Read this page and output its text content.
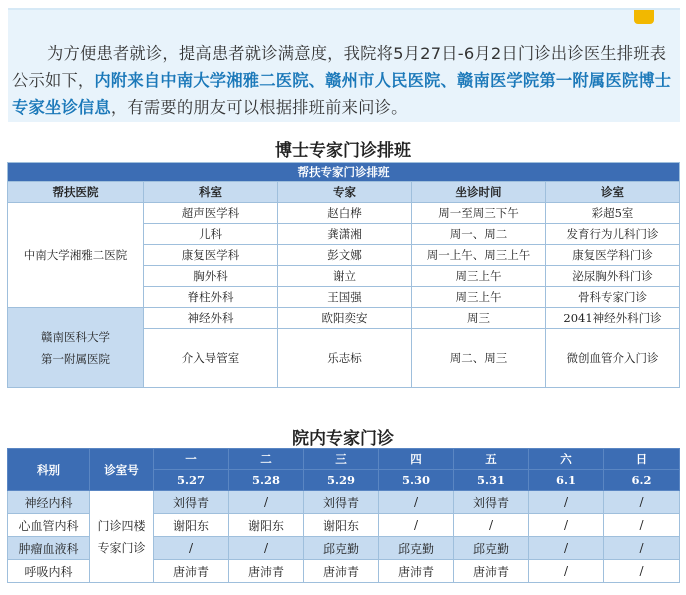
为方便患者就诊，提高患者就诊满意度，我院将5月27日-6月2日门诊出诊医生排班表公示如下，内附来自中南大学湘雅二医院、赣州市人民医院、赣南医学院第一附属医院博士专家坐诊信息，有需要的朋友可以根据排班前来问诊。
博士专家门诊排班
帮扶专家门诊排班				
帮扶医院	科室	专家	坐诊时间	诊室
中南大学湘雅二医院	超声医学科	赵白桦	周一至周三下午	彩超5室
	儿科	龚潇湘	周一、周二	发育行为儿科门诊
	康复医学科	彭文娜	周一上午、周三上午	康复医学科门诊
	胸外科	谢立	周三上午	泌尿胸外科门诊
	脊柱外科	王国强	周三上午	骨科专家门诊
赣南医科大学第一附属医院	神经外科	欧阳奕安	周三	2041神经外科门诊
	介入导管室	乐志标	周二、周三	微创血管介入门诊
院内专家门诊
科别	诊室号	一	二	三	四	五	六	日
		5.27	5.28	5.29	5.30	5.31	6.1	6.2
神经内科	门诊四楼专家门诊	刘得青	/	刘得青	/	刘得青	/	/
心血管内科		谢阳东	谢阳东	谢阳东	/	/	/	/
肿瘤血液科		/	/	邱克勤	邱克勤	邱克勤	/	/
呼吸内科		唐沛青	唐沛青	唐沛青	唐沛青	唐沛青	/	/
